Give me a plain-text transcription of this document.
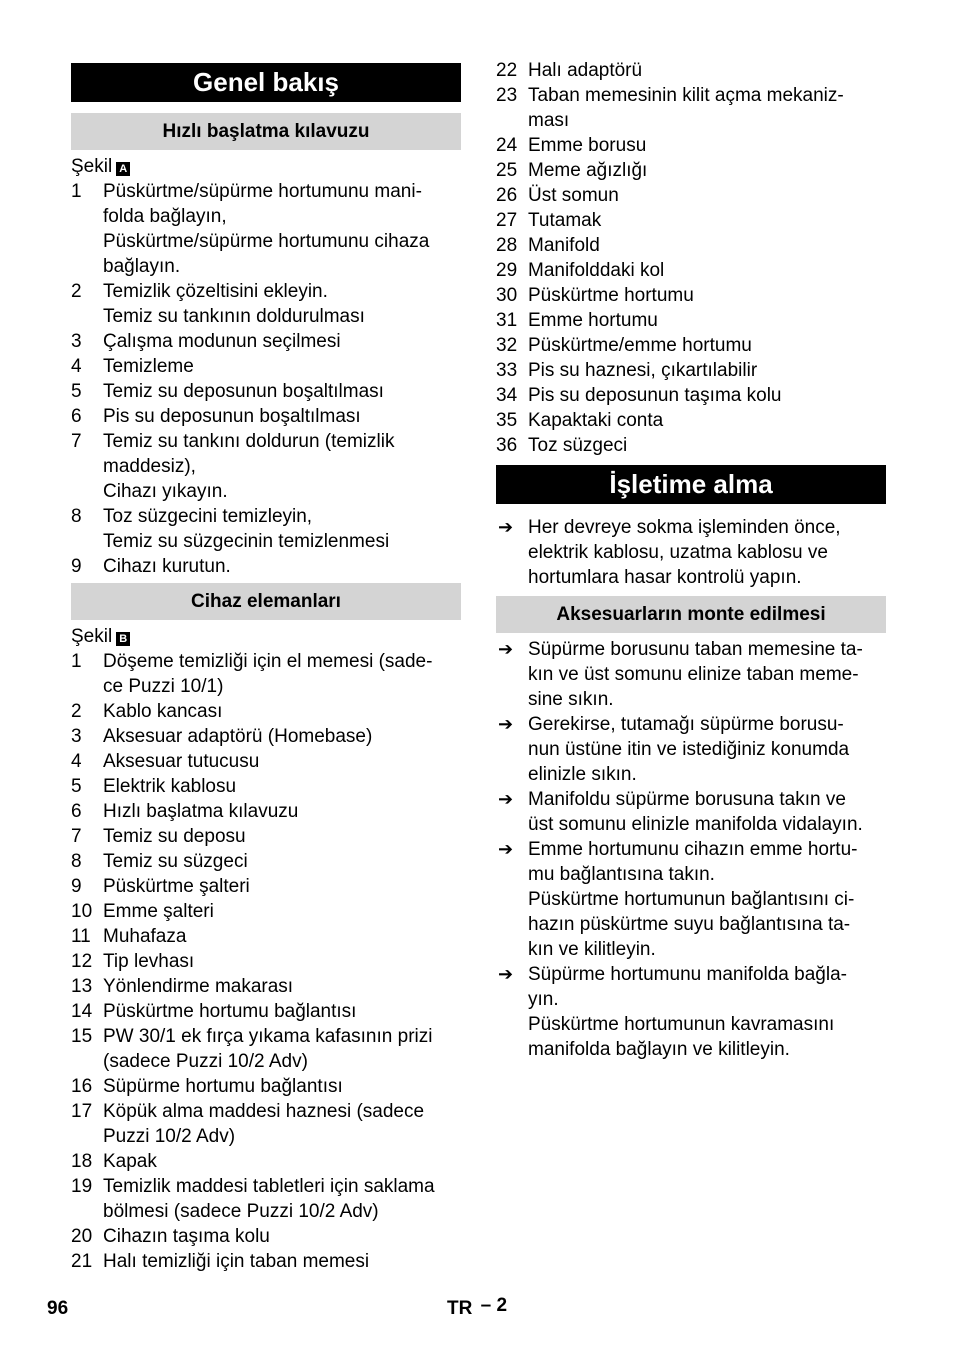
Genel bakış
Hızlı başlatma kılavuzu
Şekil A
1 Püskürtme/süpürme hortumunu mani-
folda bağlayın,
Püskürtme/süpürme hortumunu cihaza
bağlayın.
2 Temizlik çözeltisini ekleyin.
Temiz su tankının doldurulması
3 Çalışma modunun seçilmesi
4 Temizleme
5 Temiz su deposunun boşaltılması
6 Pis su deposunun boşaltılması
7 Temiz su tankını doldurun (temizlik
maddesiz),
Cihazı yıkayın.
8 Toz süzgecini temizleyin,
Temiz su süzgecinin temizlenmesi
9 Cihazı kurutun.
Cihaz elemanları
Şekil B
1 Döşeme temizliği için el memesi (sade-
ce Puzzi 10/1)
2 Kablo kancası
3 Aksesuar adaptörü (Homebase)
4 Aksesuar tutucusu
5 Elektrik kablosu
6 Hızlı başlatma kılavuzu
7 Temiz su deposu
8 Temiz su süzgeci
9 Püskürtme şalteri
10 Emme şalteri
11 Muhafaza
12 Tip levhası
13 Yönlendirme makarası
14 Püskürtme hortumu bağlantısı
15 PW 30/1 ek fırça yıkama kafasının prizi
(sadece Puzzi 10/2 Adv)
16 Süpürme hortumu bağlantısı
17 Köpük alma maddesi haznesi (sadece
Puzzi 10/2 Adv)
18 Kapak
19 Temizlik maddesi tabletleri için saklama
bölmesi (sadece Puzzi 10/2 Adv)
20 Cihazın taşıma kolu
21 Halı temizliği için taban memesi
22 Halı adaptörü
23 Taban memesinin kilit açma mekaniz-
ması
24 Emme borusu
25 Meme ağızlığı
26 Üst somun
27 Tutamak
28 Manifold
29 Manifolddaki kol
30 Püskürtme hortumu
31 Emme hortumu
32 Püskürtme/emme hortumu
33 Pis su haznesi, çıkartılabilir
34 Pis su deposunun taşıma kolu
35 Kapaktaki conta
36 Toz süzgeci
İşletime alma
➔ Her devreye sokma işleminden önce,
elektrik kablosu, uzatma kablosu ve
hortumlara hasar kontrolü yapın.
Aksesuarların monte edilmesi
➔ Süpürme borusunu taban memesine ta-
kın ve üst somunu elinize taban meme-
sine sıkın.
➔ Gerekirse, tutamağı süpürme borusu-
nun üstüne itin ve istediğiniz konumda
elinizle sıkın.
➔ Manifoldu süpürme borusuna takın ve
üst somunu elinizle manifolda vidalayın.
➔ Emme hortumunu cihazın emme hortu-
mu bağlantısına takın.
Püskürtme hortumunun bağlantısını ci-
hazın püskürtme suyu bağlantısına ta-
kın ve kilitleyin.
➔ Süpürme hortumunu manifolda bağla-
yın.
Püskürtme hortumunun kavramasını
manifolda bağlayın ve kilitleyin.
96	TR – 2
